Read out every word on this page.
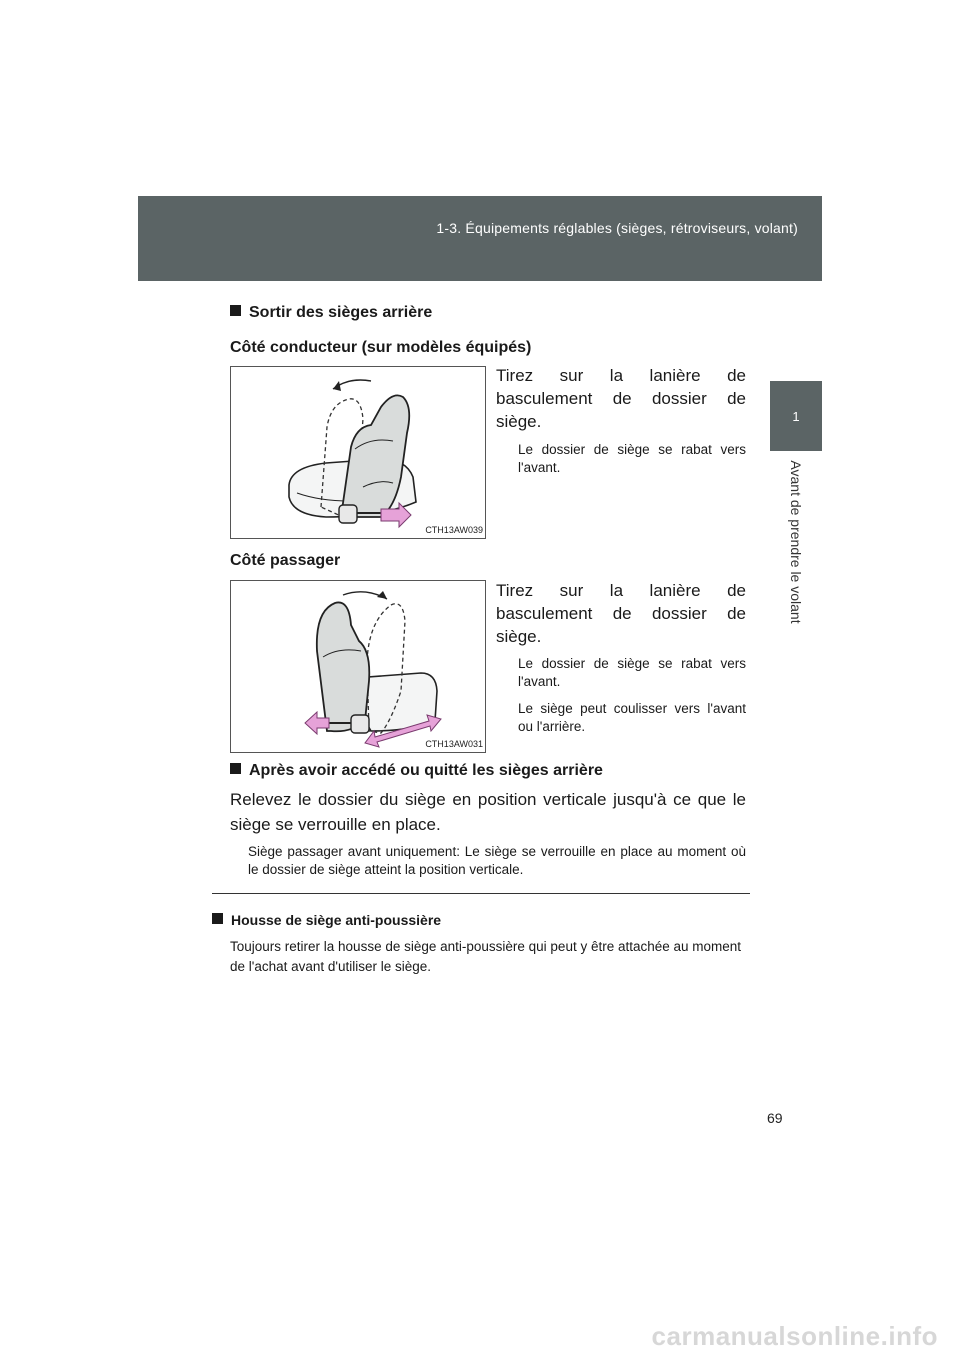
1-3. Équipements réglables (sièges, rétroviseurs, volant)
1
Avant de prendre le volant
Sortir des sièges arrière
Côté conducteur (sur modèles équipés)
CTH13AW039
Tirez sur la lanière de basculement de dossier de siège.
Le dossier de siège se rabat vers l'avant.
Côté passager
CTH13AW031
Tirez sur la lanière de basculement de dossier de siège.
Le dossier de siège se rabat vers l'avant.
Le siège peut coulisser vers l'avant ou l'arrière.
Après avoir accédé ou quitté les sièges arrière
Relevez le dossier du siège en position verticale jusqu'à ce que le siège se verrouille en place.
Siège passager avant uniquement: Le siège se verrouille en place au moment où le dossier de siège atteint la position verticale.
Housse de siège anti-poussière
Toujours retirer la housse de siège anti-poussière qui peut y être attachée au moment de l'achat avant d'utiliser le siège.
69
carmanualsonline.info
